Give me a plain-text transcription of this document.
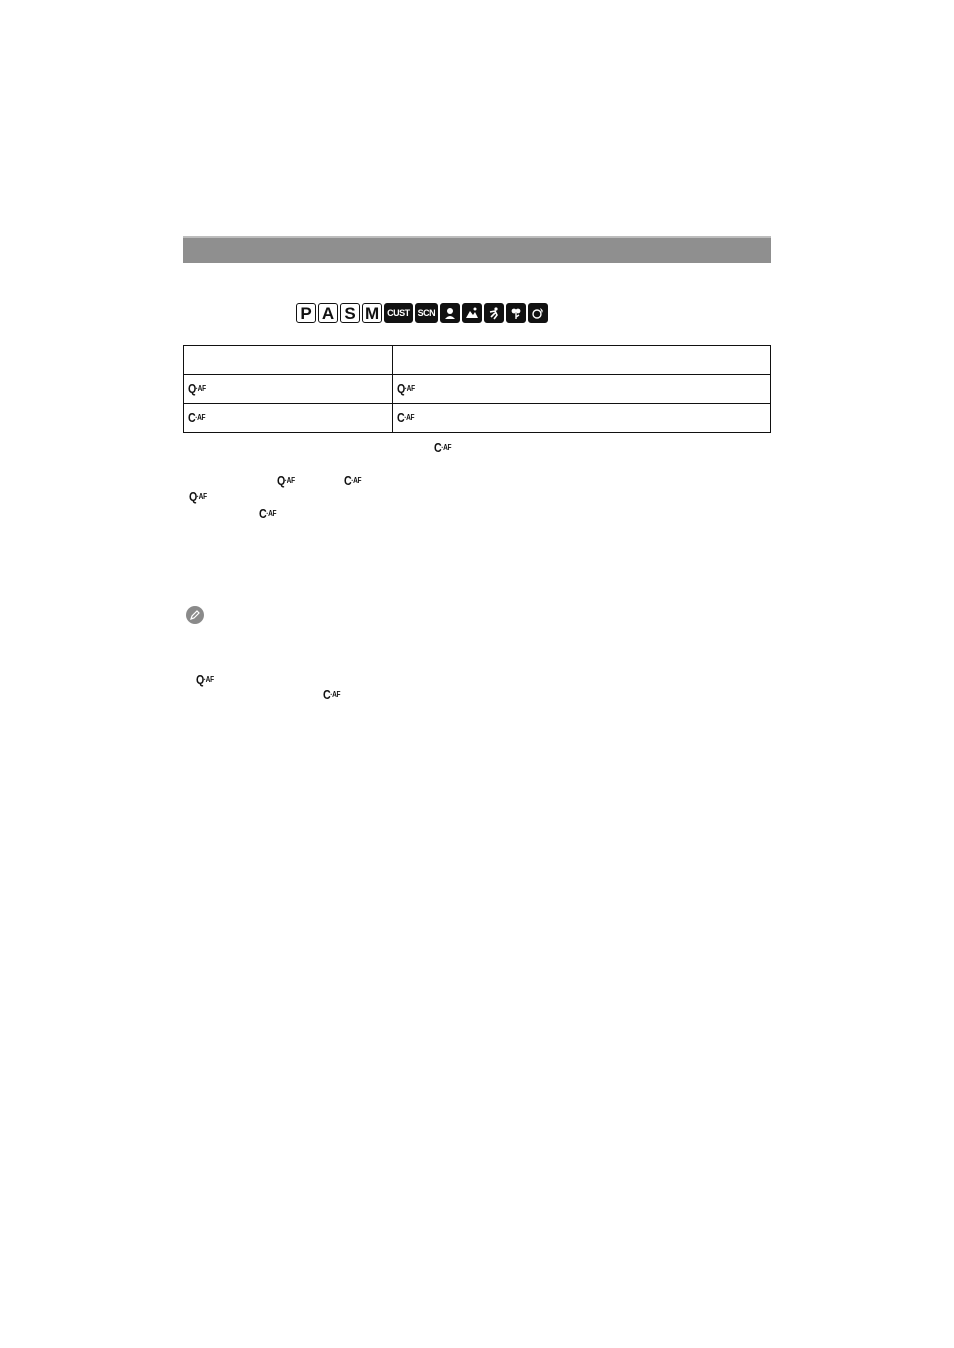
P A S M CUST SCN

$Q^{\cdot AF}$	$Q^{\cdot AF}$
$C^{\cdot AF}$	$C^{\cdot AF}$
$C^{\cdot AF}$
$Q^{\cdot AF}$	$C^{\cdot AF}$
$Q^{\cdot AF}$
$C^{\cdot AF}$
$Q^{\cdot AF}$
$C^{\cdot AF}$
